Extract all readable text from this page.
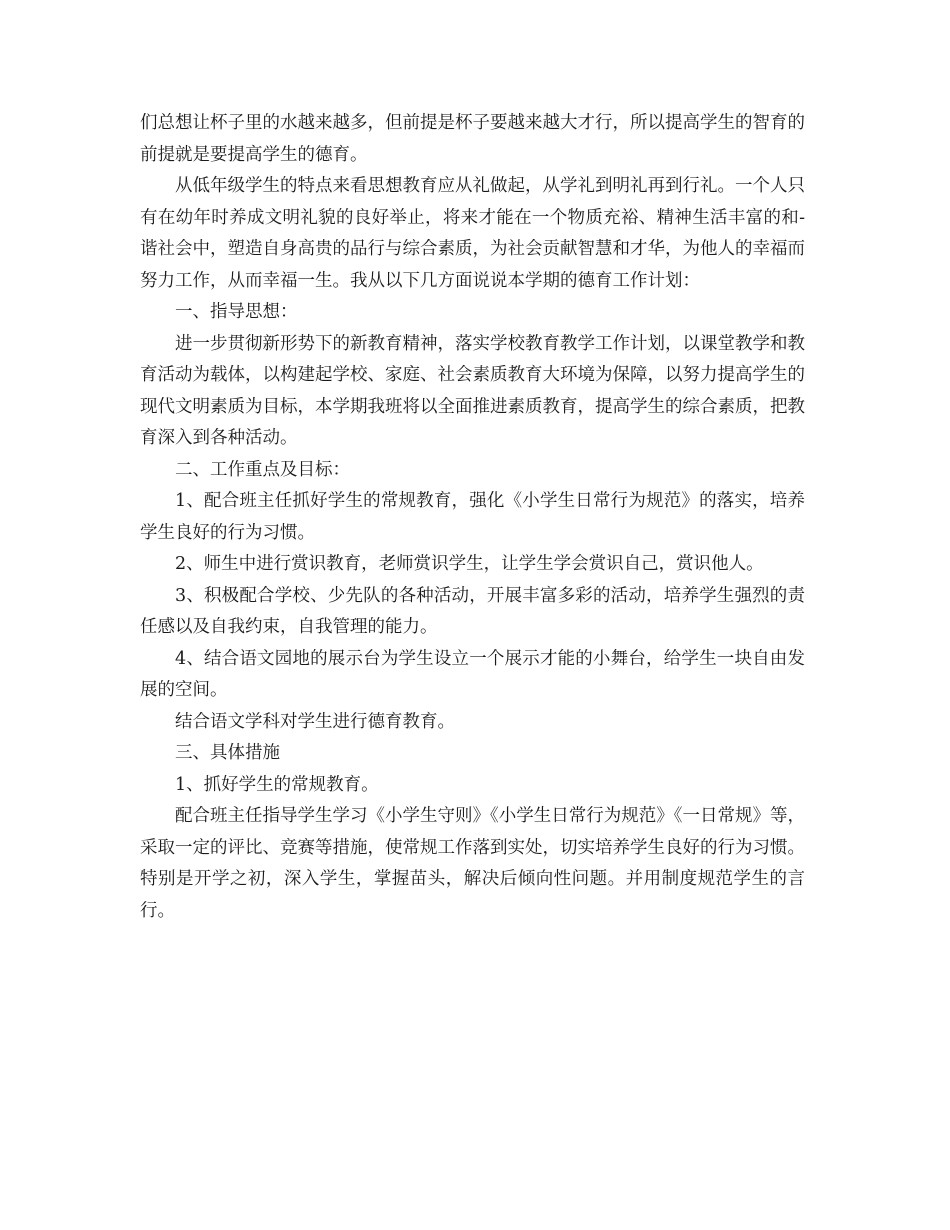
们总想让杯子里的水越来越多，但前提是杯子要越来越大才行，所以提高学生的智育的前提就是要提高学生的德育。

从低年级学生的特点来看思想教育应从礼做起，从学礼到明礼再到行礼。一个人只有在幼年时养成文明礼貌的良好举止，将来才能在一个物质充裕、精神生活丰富的和-谐社会中，塑造自身高贵的品行与综合素质，为社会贡献智慧和才华，为他人的幸福而努力工作，从而幸福一生。我从以下几方面说说本学期的德育工作计划：

一、指导思想：

进一步贯彻新形势下的新教育精神，落实学校教育教学工作计划，以课堂教学和教育活动为载体，以构建起学校、家庭、社会素质教育大环境为保障，以努力提高学生的现代文明素质为目标，本学期我班将以全面推进素质教育，提高学生的综合素质，把教育深入到各种活动。

二、工作重点及目标：

1、配合班主任抓好学生的常规教育，强化《小学生日常行为规范》的落实，培养学生良好的行为习惯。

2、师生中进行赏识教育，老师赏识学生，让学生学会赏识自己，赏识他人。

3、积极配合学校、少先队的各种活动，开展丰富多彩的活动，培养学生强烈的责任感以及自我约束，自我管理的能力。

4、结合语文园地的展示台为学生设立一个展示才能的小舞台，给学生一块自由发展的空间。

结合语文学科对学生进行德育教育。

三、具体措施

1、抓好学生的常规教育。

配合班主任指导学生学习《小学生守则》《小学生日常行为规范》《一日常规》等，采取一定的评比、竞赛等措施，使常规工作落到实处，切实培养学生良好的行为习惯。特别是开学之初，深入学生，掌握苗头，解决后倾向性问题。并用制度规范学生的言行。
